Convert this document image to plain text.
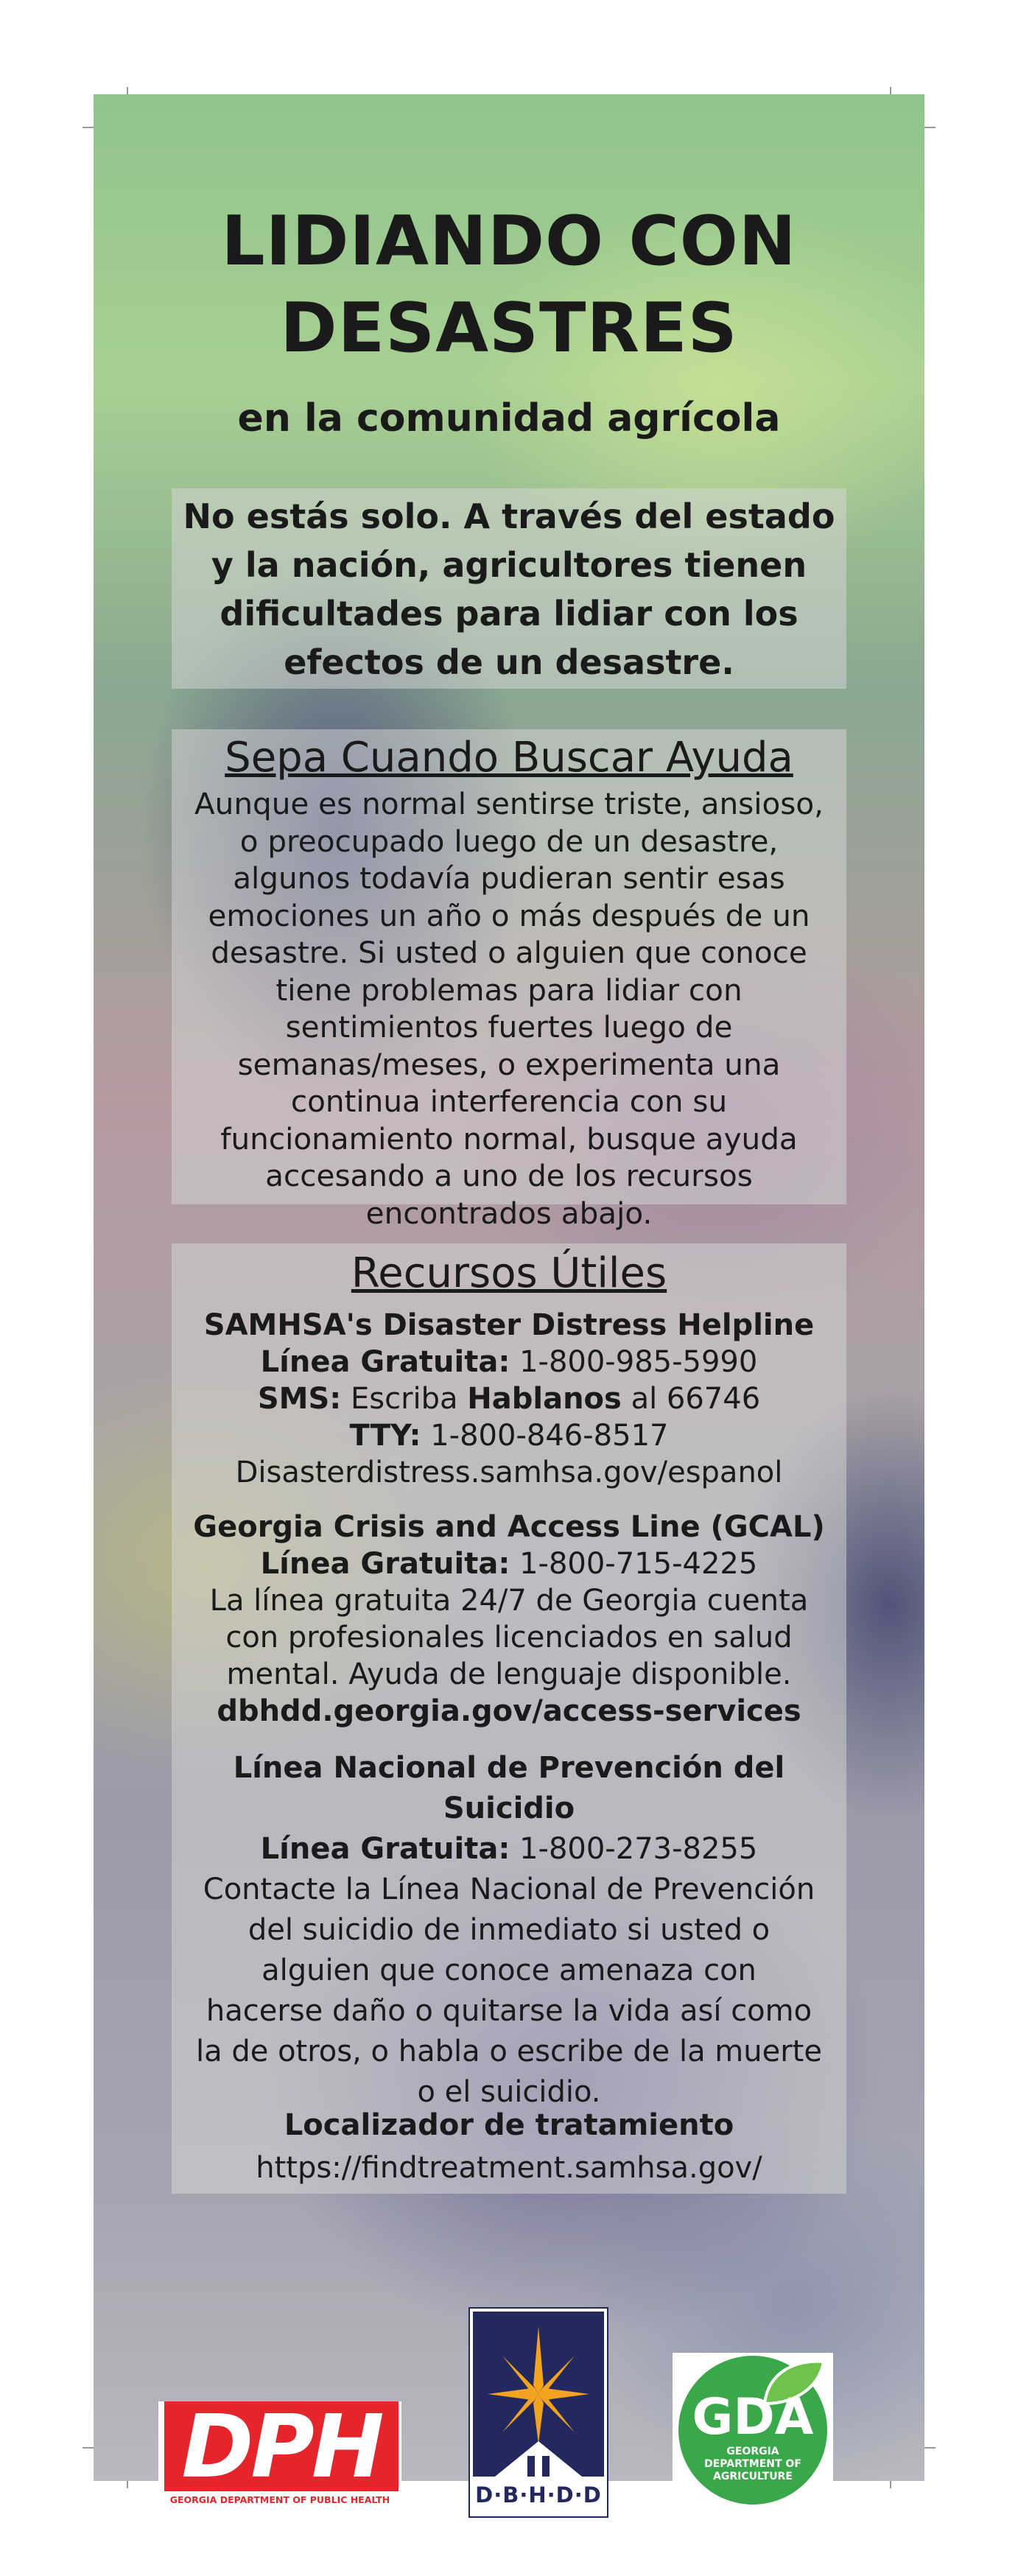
LIDIANDO CON
DESASTRES
en la comunidad agrícola
No estás solo. A través del estado
y la nación, agricultores tienen
dificultades para lidiar con los
efectos de un desastre.
Sepa Cuando Buscar Ayuda
Aunque es normal sentirse triste, ansioso,
o preocupado luego de un desastre,
algunos todavía pudieran sentir esas
emociones un año o más después de un
desastre. Si usted o alguien que conoce
tiene problemas para lidiar con
sentimientos fuertes luego de
semanas/meses, o experimenta una
continua interferencia con su
funcionamiento normal, busque ayuda
accesando a uno de los recursos
encontrados abajo.
Recursos Útiles
SAMHSA's Disaster Distress Helpline
Línea Gratuita: 1-800-985-5990
SMS: Escriba Hablanos al 66746
TTY: 1-800-846-8517
Disasterdistress.samhsa.gov/espanol
Georgia Crisis and Access Line (GCAL)
Línea Gratuita: 1-800-715-4225
La línea gratuita 24/7 de Georgia cuenta
con profesionales licenciados en salud
mental. Ayuda de lenguaje disponible.
dbhdd.georgia.gov/access-services
Línea Nacional de Prevención del Suicidio
Línea Gratuita: 1-800-273-8255
Contacte la Línea Nacional de Prevención
del suicidio de inmediato si usted o
alguien que conoce amenaza con
hacerse daño o quitarse la vida así como
la de otros, o habla o escribe de la muerte
o el suicidio.
Localizador de tratamiento
https://findtreatment.samhsa.gov/
DPH
GEORGIA DEPARTMENT OF PUBLIC HEALTH	D·B·H·D·D
GDA
GEORGIA
DEPARTMENT OF
AGRICULTURE
